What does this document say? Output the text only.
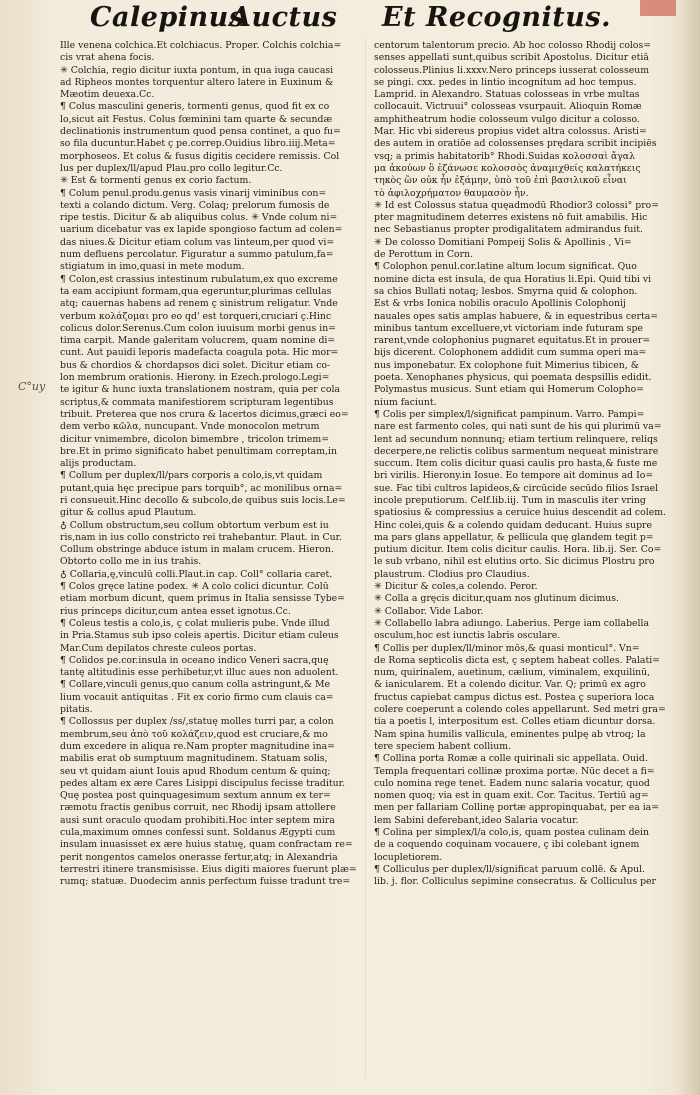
Calepinus
Auctus Et Recognitus.
C°uy
Ille venena colchica.Et colchiacus. Proper. Colchis colchia=
cis vrat ahena focis.
✳ Colchia, regio dicitur iuxta pontum, in qua iuga caucasi
ad Ripheos montes torquentur altero latere in Euxinum &
Mæotim deuexa.Cc.
¶ Colus masculini generis, tormenti genus, quod fit ex co
lo,sicut ait Festus. Colus fœminini tam quarte & secundæ
declinationis instrumentum quod pensa continet, a quo fu=
so fila ducuntur.Habet ç pe.correp.Ouidius libro.iiij.Meta=
morphoseos. Et colus & fusus digitis cecidere remissis. Col
lus per duplex/ll/apud Plau.pro collo legitur.Cc.
✳ Est & tormenti genus ex corio factum.
¶ Colum penul.produ.genus vasis vinarij viminibus con=
texti a colando dictum. Verg. Colaq; prelorum fumosis de
ripe testis. Dicitur & ab aliquibus colus. ✳ Vnde colum ni=
uarium dicebatur vas ex lapide spongioso factum ad colen=
das niues.& Dicitur etiam colum vas linteum,per quod vi=
num defluens percolatur. Figuratur a summo patulum,fa=
stigiatum in imo,quasi in mete modum.
¶ Colon,est crassius intestinum rubulatum,ex quo excreme
ta eam accipiunt formam,qua egeruntur,plurimas cellulas
atq; cauernas habens ad renem ç sinistrum religatur. Vnde
verbum κολάζομαι pro eo qd' est torqueri,cruciari ç.Hinc
colicus dolor.Serenus.Cum colon iuuisum morbi genus in=
tima carpit. Mande galeritam volucrem, quam nomine di=
cunt. Aut pauidi leporis madefacta coagula pota. Hic mor=
bus & chordios & chordapsos dici solet. Dicitur etiam co-
lon membrum orationis. Hierony. in Ezech.prologo.Legi=
te igitur & hunc iuxta translationem nostram, quia per cola
scriptus,& commata manifestiorem scripturam legentibus
tribuit. Preterea que nos crura & lacertos dicimus,græci eo=
dem verbo κῶλα, nuncupant. Vnde monocolon metrum
dicitur vnimembre, dicolon bimembre , tricolon trimem=
bre.Et in primo significato habet penultimam correptam,in
alijs productam.
¶ Collum per duplex/ll/pars corporis a colo,is,vt quidam
putant,quia hęc precipue pars torquib°, ac monilibus orna=
ri consueuit.Hinc decollo & subcolo,de quibus suis locis.Le=
gitur & collus apud Plautum.
♁ Collum obstructum,seu collum obtortum verbum est iu
ris,nam in ius collo constricto rei trahebantur. Plaut. in Cur.
Collum obstringe abduce istum in malam crucem. Hieron.
Obtorto collo me in ius trahis.
♁ Collaria,ę,vinculū colli.Plaut.in cap. Coll° collaria caret.
¶ Colos gręce latine podex. ✳ A colo colici dicuntur. Colū
etiam morbum dicunt, quem primus in Italia sensisse Tybe=
rius princeps dicitur,cum antea esset ignotus.Cc.
¶ Coleus testis a colo,is, ç colat mulieris pube. Vnde illud
in Pria.Stamus sub ipso coleis apertis. Dicitur etiam culeus
Mar.Cum depilatos chreste culeos portas.
¶ Colidos pe.cor.insula in oceano indico Veneri sacra,quę
tantę altitudinis esse perhibetur,vt illuc aues non aduolent.
¶ Collare,vinculi genus,quo canum colla astringunt,& Me
lium vocauit antiquitas . Fit ex corio firmo cum clauis ca=
pitatis.
¶ Collossus per duplex /ss/,statuę molles turri par, a colon
membrum,seu ἀπὸ τοῦ κολάζειν,quod est cruciare,& mo
dum excedere in aliqua re.Nam propter magnitudine ina=
mabilis erat ob sumptuum magnitudinem. Statuam solis,
seu vt quidam aiunt Iouis apud Rhodum centum & quinq;
pedes altam ex ære Cares Lisippi discipulus fecisse traditur.
Quę postea post quinquagesimum sextum annum ex ter=
ræmotu fractis genibus corruit, nec Rhodij ipsam attollere
ausi sunt oraculo quodam prohibiti.Hoc inter septem mira
cula,maximum omnes confessi sunt. Soldanus Ægypti cum
insulam inuasisset ex ære huius statuę, quam confractam re=
perit nongentos camelos onerasse fertur,atq; in Alexandria
terrestri itinere transmisisse. Eius digiti maiores fuerunt plæ=
rumq; statuæ. Duodecim annis perfectum fuisse tradunt tre=
centorum talentorum precio. Ab hoc colosso Rhodij colos=
senses appellati sunt,quibus scribit Apostolus. Dicitur etiā
colosseus.Plinius li.xxxv.Nero princeps iusserat colosseum
se pingi. cxx. pedes in lintio incognitum ad hoc tempus.
Lamprid. in Alexandro. Statuas colosseas in vrbe multas
collocauit. Victruui° colosseas vsurpauit. Alioquin Romæ
amphitheatrum hodie colosseum vulgo dicitur a colosso.
Mar. Hic vbi sidereus propius videt altra colossus. Aristi=
des autem in oratiōe ad colossenses prędara scribit incipiēs
vsq; a primis habitatorib° Rhodi.Suidas κολοσσαὶ ἄγαλ
μα ἀκούων ὃ ἐζάνωσε κολοσσὸς ἀναμιχθείς καλατήκεις
τηκὸς ὢν οὐκ ἦν ἐξάμην, ὑπὸ τοῦ ἐπὶ βασιλικοῦ εἶναι
τὸ ἀφιλοχρήματον θαυμασὸν ἦν.
✳ Id est Colossus statua quęadmodū Rhodior3 colossi° pro=
pter magnitudinem deterres existens nō fuit amabilis. Hic
nec Sebastianus propter prodigalitatem admirandus fuit.
✳ De colosso Domitiani Pompeij Solis & Apollinis , Vi=
de Perottum in Corn.
¶ Colophon penul.cor.latine altum locum significat. Quo
nomine dicta est insula, de qua Horatius li.Epi. Quid tibi vi
sa chios Bullati notaq; lesbos. Smyrna quid & colophon.
Est & vrbs Ionica nobilis oraculo Apollinis Colophonij
nauales opes satis amplas habuere, & in equestribus certa=
minibus tantum excelluere,vt victoriam inde futuram spe
rarent,vnde colophonius pugnaret equitatus.Et in prouer=
bijs dicerent. Colophonem addidit cum summa operi ma=
nus imponebatur. Ex colophone fuit Mimerius tibicen, &
poeta. Xenophanes physicus, qui poemata despsillis edidit.
Polymastus musicus. Sunt etiam qui Homerum Colopho=
nium faciunt.
¶ Colis per simplex/l/significat pampinum. Varro. Pampi=
nare est farmento coles, qui nati sunt de his qui plurimū va=
lent ad secundum nonnunq; etiam tertium relinquere, reliqs
decerpere,ne relictis colibus sarmentum nequeat ministrare
succum. Item colis dicitur quasi caulis pro hasta,& fuste me
bri virilis. Hierony.in Iosue. Eo tempore ait dominus ad Io=
sue. Fac tibi cultros lapideos,& circūcide secūdo filios Israel
incole preputiorum. Celf.lib.iij. Tum in masculis iter vring
spatiosius & compressius a ceruice huius descendit ad colem.
Hinc colei,quis & a colendo quidam deducant. Huius supre
ma pars glans appellatur, & pellicula quę glandem tegit p=
putium dicitur. Item colis dicitur caulis. Hora. lib.ij. Ser. Co=
le sub vrbano, nihil est elutius orto. Sic dicimus Plostru pro
plaustrum. Clodius pro Claudius.
✳ Dicitur & coles,a colendo. Peror.
✳ Colla a gręcis dicitur,quam nos glutinum dicimus.
✳ Collabor. Vide Labor.
✳ Collabello labra adiungo. Laberius. Perge iam collabella
osculum,hoc est iunctis labris osculare.
¶ Collis per duplex/ll/minor mōs,& quasi monticul°. Vn=
de Roma septicolis dicta est, ç septem habeat colles. Palati=
num, quirinalem, auetinum, cælium, viminalem, exquilinū,
& ianicularem. Et a colendo dicitur. Var. Q; primū ex agro
fructus capiebat campus dictus est. Postea ç superiora loca
colere coeperunt a colendo coles appellarunt. Sed metri gra=
tia a poetis l, interpositum est. Colles etiam dicuntur dorsa.
Nam spina humilis vallicula, eminentes pulpę ab vtroq; la
tere speciem habent collium.
¶ Collina porta Romæ a colle quirinali sic appellata. Ouid.
Templa frequentari collinæ proxima portæ. Nūc decet a fi=
culo nomina rege tenet. Eadem nunc salaria vocatur, quod
nomen quoq; via est in quam exit. Cor. Tacitus. Tertiū ag=
men per fallariam Collinę portæ appropinquabat, per ea ia=
lem Sabini deferebant,ideo Salaria vocatur.
¶ Colina per simplex/l/a colo,is, quam postea culinam dein
de a coquendo coquinam vocauere, ç ibi colebant ignem
locupletiorem.
¶ Colliculus per duplex/ll/significat paruum collē. & Apul.
lib. j. flor. Colliculus sepimine consecratus. & Colliculus per
